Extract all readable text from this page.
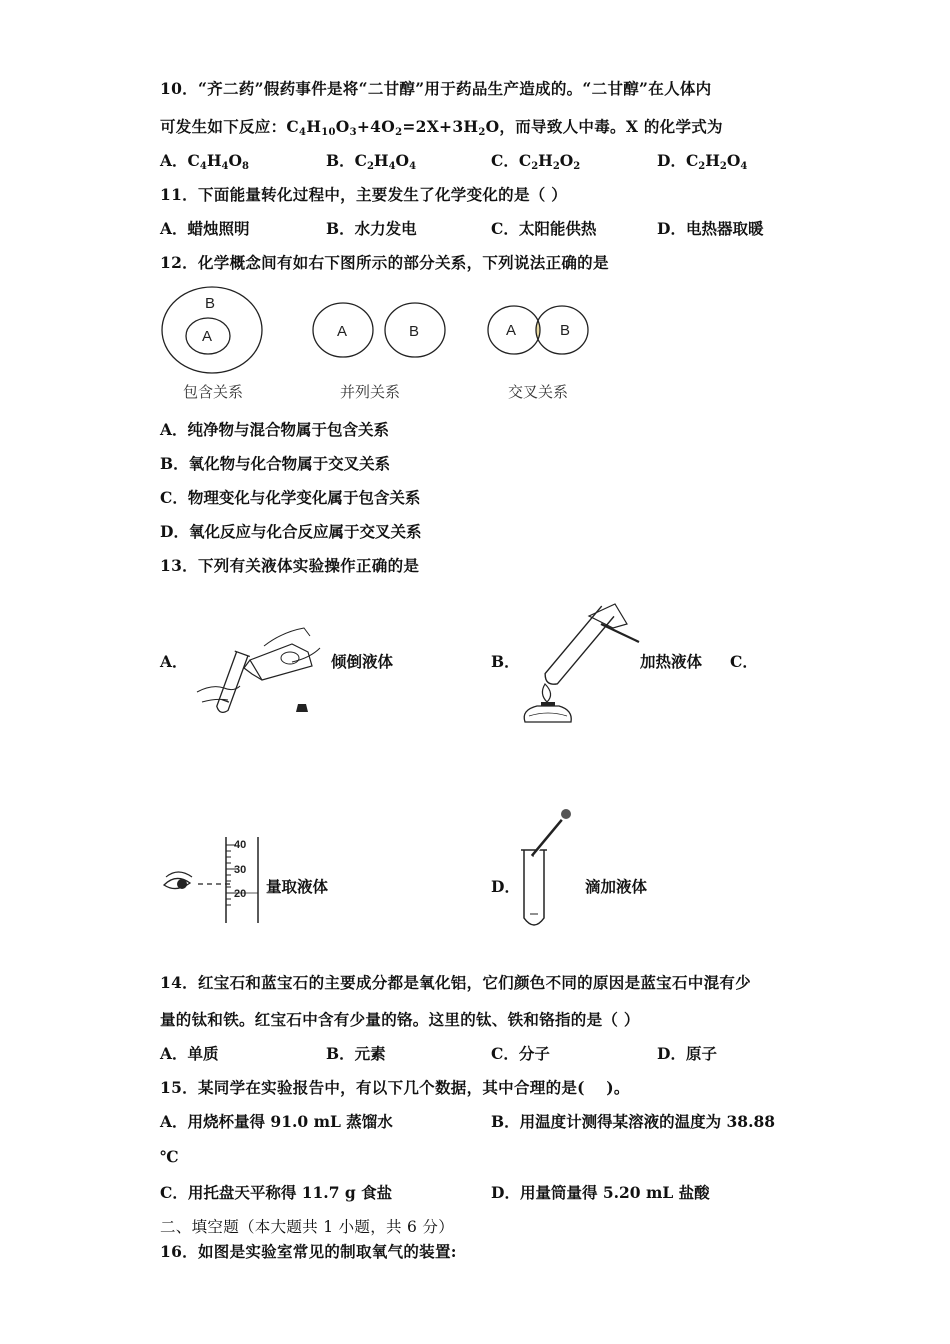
10．“齐二药”假药事件是将“二甘醇”用于药品生产造成的。“二甘醇”在人体内
可发生如下反应：$C_4H_{10}O_3+4O_2=2X+3H_2O$，而导致人中毒。X 的化学式为
A．$C_4H_4O_8$	B．$C_2H_4O_4$	C．$C_2H_2O_2$	D．$C_2H_2O_4$
11．下面能量转化过程中，主要发生了化学变化的是（ ）
A．蜡烛照明	B．水力发电	C．太阳能供热	D．电热器取暖
12．化学概念间有如右下图所示的部分关系，下列说法正确的是
B
A	A	B	A	B
包含关系	并列关系	交叉关系
A．纯净物与混合物属于包含关系
B．氧化物与化合物属于交叉关系
C．物理变化与化学变化属于包含关系
D．氧化反应与化合反应属于交叉关系
13．下列有关液体实验操作正确的是
A．	倾倒液体	B．	加热液体 C．
40
30
20 量取液体	D．	滴加液体
14．红宝石和蓝宝石的主要成分都是氧化铝，它们颜色不同的原因是蓝宝石中混有少
量的钛和铁。红宝石中含有少量的铬。这里的钛、铁和铬指的是（ ）
A．单质	B．元素	C．分子	D．原子
15．某同学在实验报告中，有以下几个数据，其中合理的是(　 )。
A．用烧杯量得 91.0 mL 蒸馏水	B．用温度计测得某溶液的温度为 38.88
℃
C．用托盘天平称得 11.7 g 食盐	D．用量筒量得 5.20 mL 盐酸
二、填空题（本大题共 1 小题，共 6 分）
16．如图是实验室常见的制取氧气的装置:
